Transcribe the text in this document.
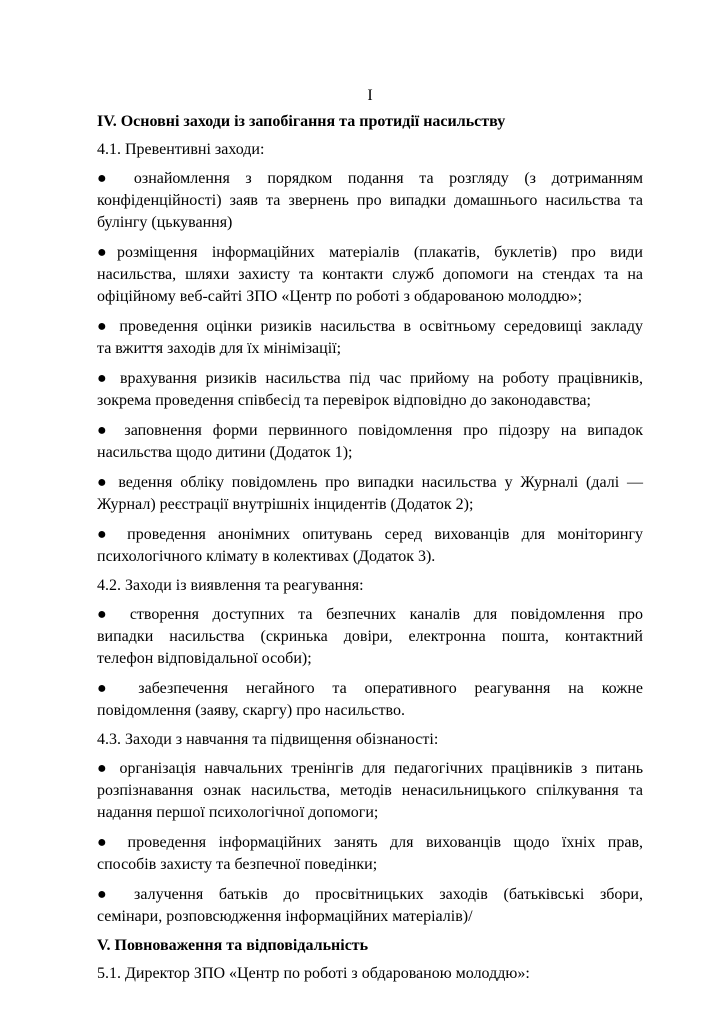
I
IV. Основні заходи із запобігання та протидії насильству
4.1. Превентивні заходи:
● ознайомлення з порядком подання та розгляду (з дотриманням
конфіденційності) заяв та звернень про випадки домашнього насильства та
булінгу (цькування)
●розміщення інформаційних матеріалів (плакатів, буклетів) про види
насильства, шляхи захисту та контакти служб допомоги на стендах та на
офіційному веб-сайті ЗПО «Центр по роботі з обдарованою молоддю»;
● проведення оцінки ризиків насильства в освітньому середовищі закладу
та вжиття заходів для їх мінімізації;
● врахування ризиків насильства під час прийому на роботу працівників,
зокрема проведення співбесід та перевірок відповідно до законодавства;
● заповнення форми первинного повідомлення про підозру на випадок
насильства щодо дитини (Додаток 1);
● ведення обліку повідомлень про випадки насильства у Журналі (далі —
Журнал) реєстрації внутрішніх інцидентів (Додаток 2);
● проведення анонімних опитувань серед вихованців для моніторингу
психологічного клімату в колективах (Додаток 3).
4.2. Заходи із виявлення та реагування:
● створення доступних та безпечних каналів для повідомлення про
випадки насильства (скринька довіри, електронна пошта, контактний
телефон відповідальної особи);
● забезпечення негайного та оперативного реагування на кожне
повідомлення (заяву, скаргу) про насильство.
4.3. Заходи з навчання та підвищення обізнаності:
● організація навчальних тренінгів для педагогічних працівників з питань
розпізнавання ознак насильства, методів ненасильницького спілкування та
надання першої психологічної допомоги;
● проведення інформаційних занять для вихованців щодо їхніх прав,
способів захисту та безпечної поведінки;
● залучення батьків до просвітницьких заходів (батьківські збори,
семінари, розповсюдження інформаційних матеріалів)/
V. Повноваження та відповідальність
5.1. Директор ЗПО «Центр по роботі з обдарованою молоддю»:
